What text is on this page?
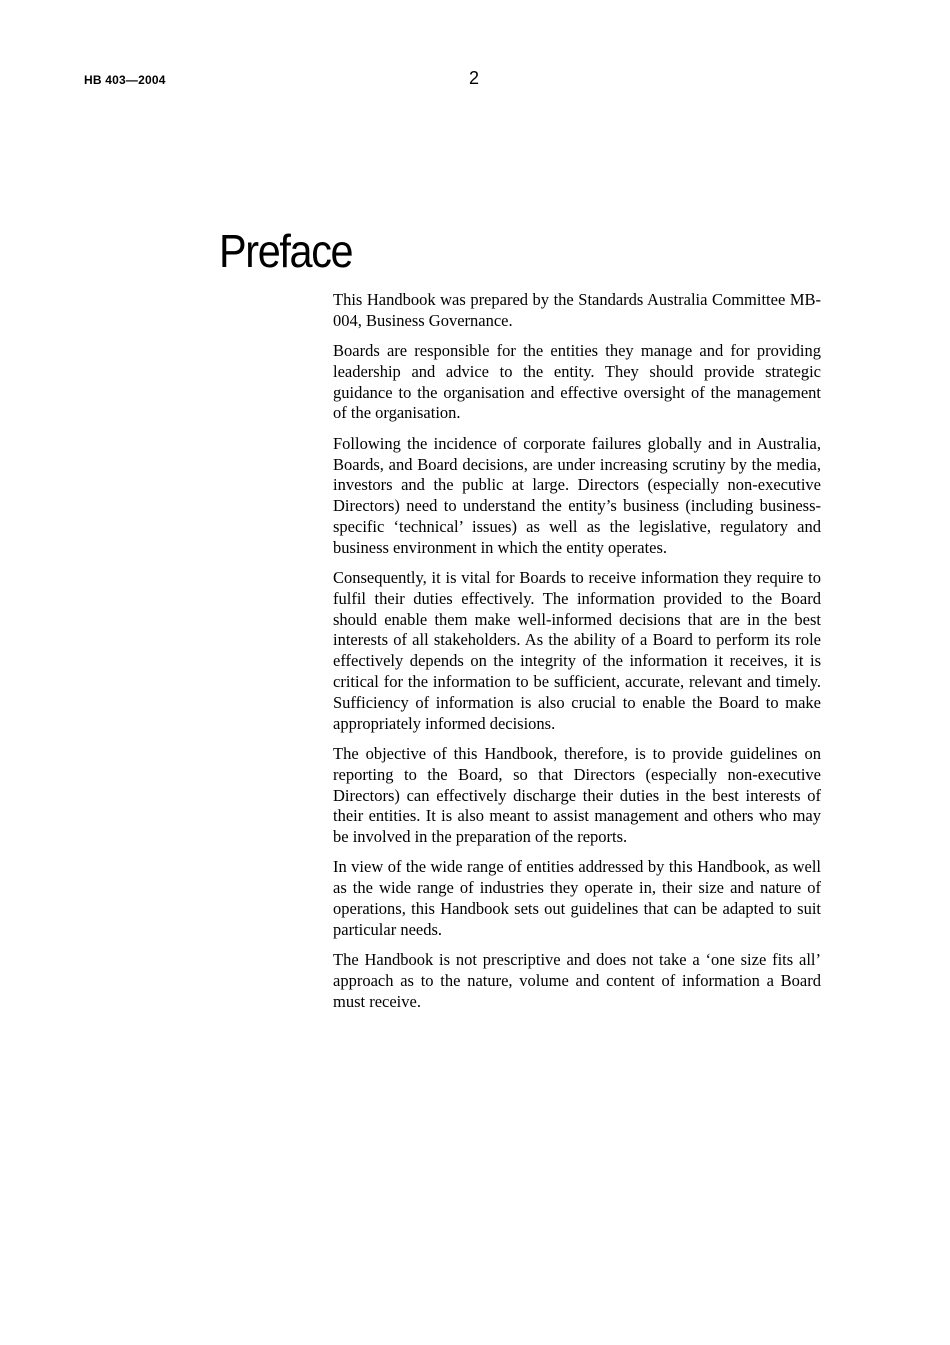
HB 403—2004	2
Preface

This Handbook was prepared by the Standards Australia Committee MB-004, Business Governance.

Boards are responsible for the entities they manage and for providing leadership and advice to the entity. They should provide strategic guidance to the organisation and effective oversight of the management of the organisation.

Following the incidence of corporate failures globally and in Australia, Boards, and Board decisions, are under increasing scrutiny by the media, investors and the public at large. Directors (especially non-executive Directors) need to understand the entity’s business (including business-specific ‘technical’ issues) as well as the legislative, regulatory and business environment in which the entity operates.

Consequently, it is vital for Boards to receive information they require to fulfil their duties effectively. The information provided to the Board should enable them make well-informed decisions that are in the best interests of all stakeholders. As the ability of a Board to perform its role effectively depends on the integrity of the information it receives, it is critical for the information to be sufficient, accurate, relevant and timely. Sufficiency of information is also crucial to enable the Board to make appropriately informed decisions.

The objective of this Handbook, therefore, is to provide guidelines on reporting to the Board, so that Directors (especially non-executive Directors) can effectively discharge their duties in the best interests of their entities. It is also meant to assist management and others who may be involved in the preparation of the reports.

In view of the wide range of entities addressed by this Handbook, as well as the wide range of industries they operate in, their size and nature of operations, this Handbook sets out guidelines that can be adapted to suit particular needs.

The Handbook is not prescriptive and does not take a ‘one size fits all’ approach as to the nature, volume and content of information a Board must receive.
